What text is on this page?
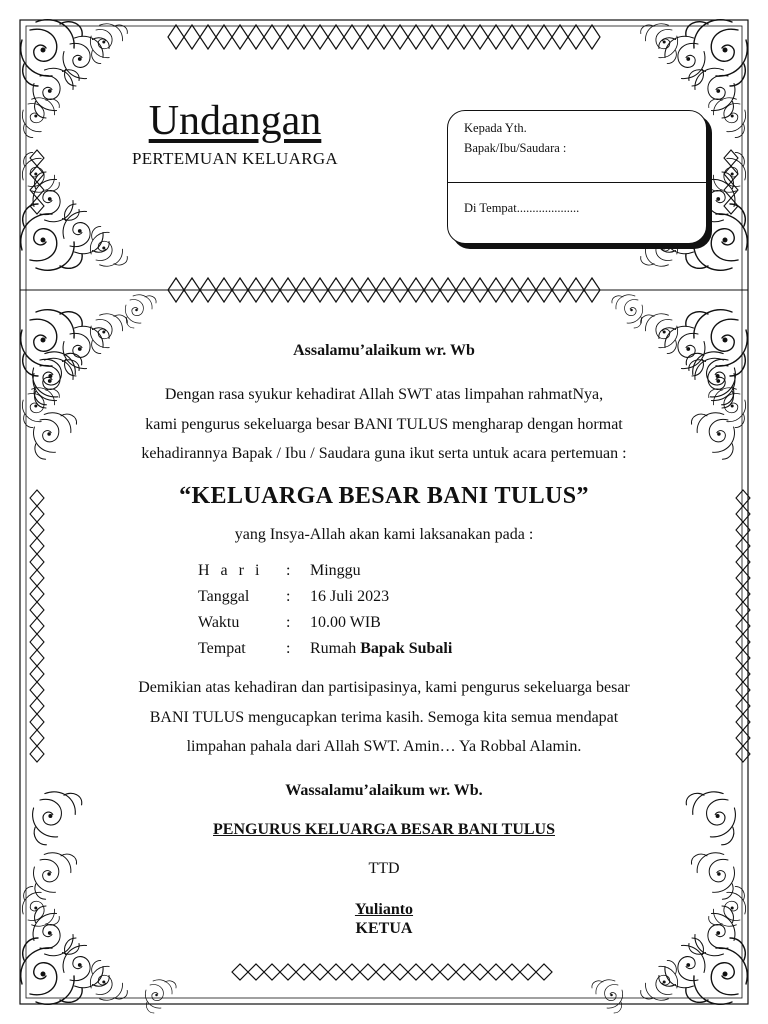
Undangan
PERTEMUAN KELUARGA
Kepada Yth.
Bapak/Ibu/Saudara :
Di Tempat....................
Assalamu’alaikum wr. Wb
Dengan rasa syukur kehadirat Allah SWT atas limpahan rahmatNya,
kami pengurus sekeluarga besar BANI TULUS mengharap dengan hormat
kehadirannya Bapak / Ibu / Saudara guna ikut serta untuk acara pertemuan :
“KELUARGA BESAR BANI TULUS”
yang Insya-Allah akan kami laksanakan pada :
H a r i : Minggu
Tanggal : 16 Juli 2023
Waktu	: 10.00 WIB
Tempat	: Rumah Bapak Subali
Demikian atas kehadiran dan partisipasinya, kami pengurus sekeluarga besar
BANI TULUS mengucapkan terima kasih. Semoga kita semua mendapat
limpahan pahala dari Allah SWT. Amin… Ya Robbal Alamin.
Wassalamu’alaikum wr. Wb.
PENGURUS KELUARGA BESAR BANI TULUS
TTD
Yulianto
KETUA
